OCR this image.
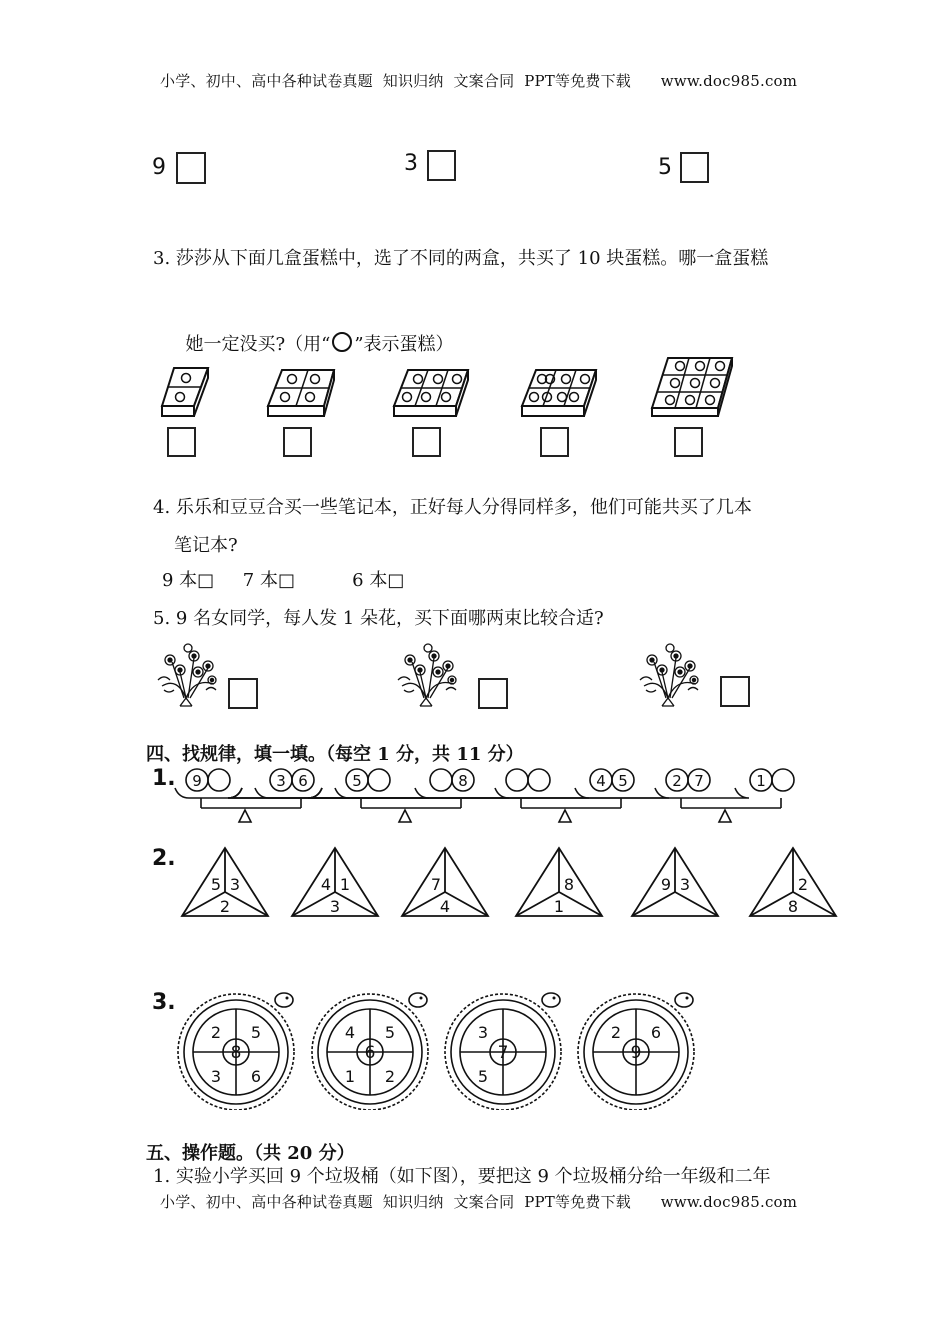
小学、初中、高中各种试卷真题  知识归纳  文案合同  PPT等免费下载      www.doc985.com
9	3	5
3. 莎莎从下面几盒蛋糕中，选了不同的两盒，共买了 10 块蛋糕。哪一盒蛋糕

她一定没买?（用“ ”表示蛋糕）

4. 乐乐和豆豆合买一些笔记本，正好每人分得同样多，他们可能共买了几本
笔记本?
9 本□     7 本□          6 本□
5. 9 名女同学，每人发 1 朵花，买下面哪两束比较合适?
四、找规律，填一填。（每空 1 分，共 11 分）
1. 9	3 6	5	8	4 5	2 7	1
2.
5 3
2
4 1
3
7
4
8
1
9 3	2
8
3.
8
2 5
3 6
6
4 5
1 2
7
3
5
9
2 6
五、操作题。（共 20 分）
1. 实验小学买回 9 个垃圾桶（如下图），要把这 9 个垃圾桶分给一年级和二年
小学、初中、高中各种试卷真题  知识归纳  文案合同  PPT等免费下载      www.doc985.com
